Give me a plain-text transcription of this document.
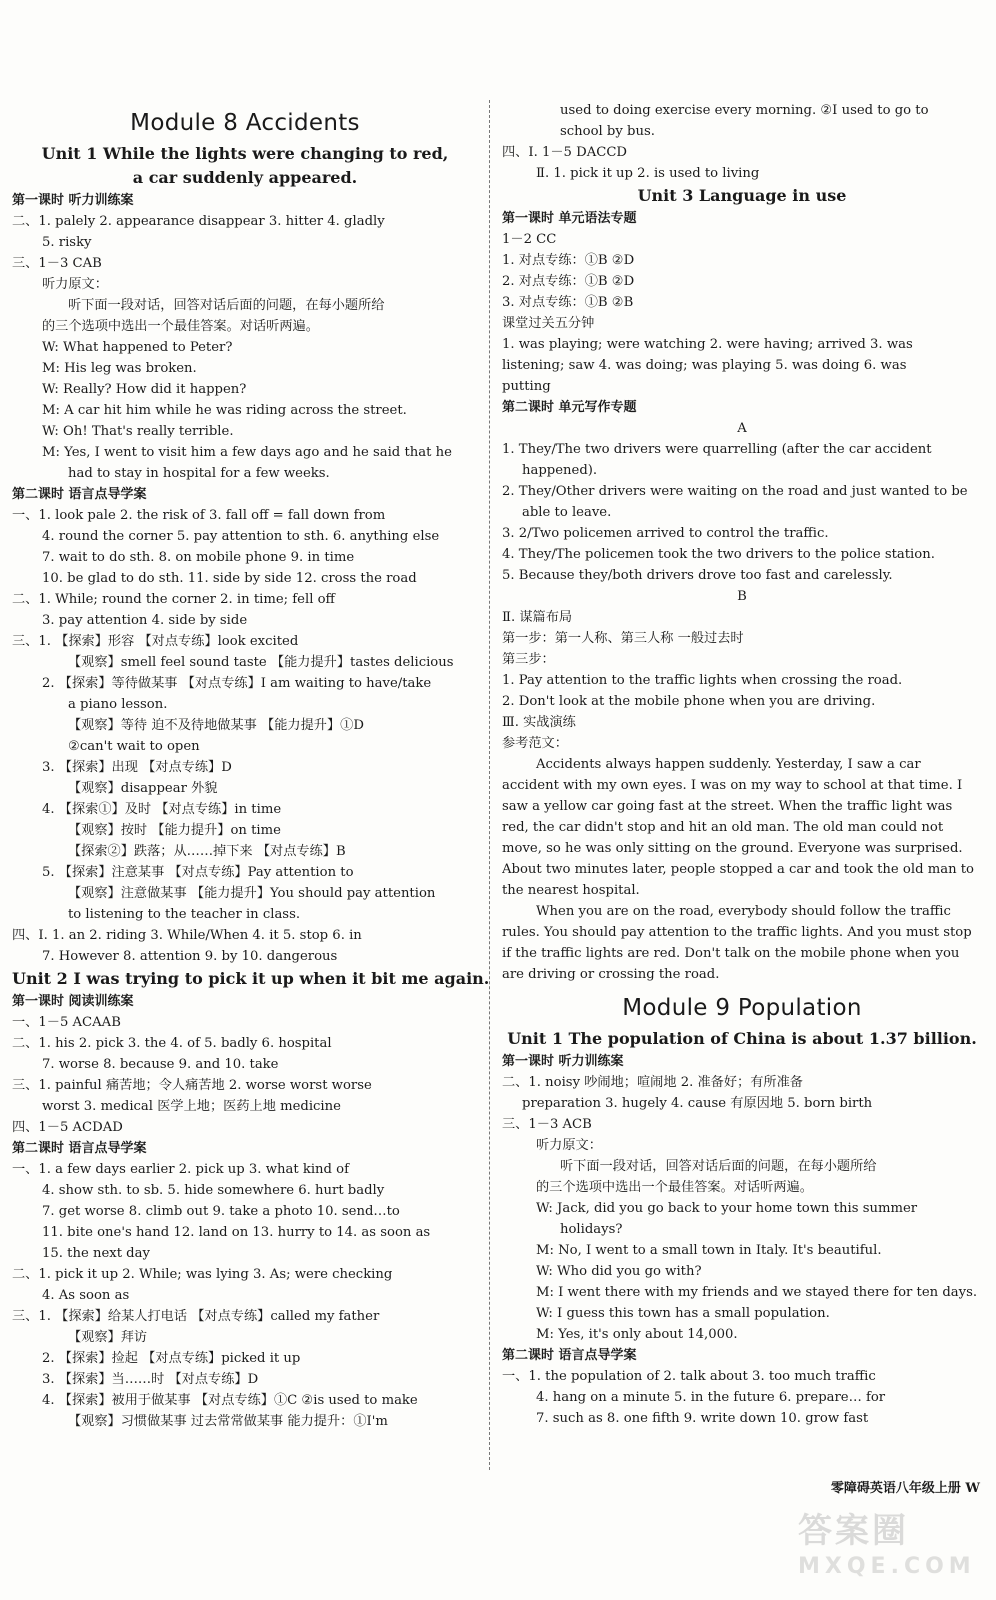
Module 8 Accidents
Unit 1 While the lights were changing to red,
a car suddenly appeared.
第一课时 听力训练案
二、1. palely 2. appearance disappear 3. hitter 4. gladly
5. risky
三、1－3 CAB
听力原文：
听下面一段对话，回答对话后面的问题，在每小题所给
的三个选项中选出一个最佳答案。对话听两遍。
W: What happened to Peter?
M: His leg was broken.
W: Really? How did it happen?
M: A car hit him while he was riding across the street.
W: Oh! That's really terrible.
M: Yes, I went to visit him a few days ago and he said that he
had to stay in hospital for a few weeks.
第二课时 语言点导学案
一、1. look pale 2. the risk of 3. fall off = fall down from
4. round the corner 5. pay attention to sth. 6. anything else
7. wait to do sth. 8. on mobile phone 9. in time
10. be glad to do sth. 11. side by side 12. cross the road
二、1. While; round the corner 2. in time; fell off
3. pay attention 4. side by side
三、1. 【探索】形容 【对点专练】look excited
【观察】smell feel sound taste 【能力提升】tastes delicious
2. 【探索】等待做某事 【对点专练】I am waiting to have/take
a piano lesson.
【观察】等待 迫不及待地做某事 【能力提升】①D
②can't wait to open
3. 【探索】出现 【对点专练】D
【观察】disappear 外貌
4. 【探索①】及时 【对点专练】in time
【观察】按时 【能力提升】on time
【探索②】跌落；从……掉下来 【对点专练】B
5. 【探索】注意某事 【对点专练】Pay attention to
【观察】注意做某事 【能力提升】You should pay attention
to listening to the teacher in class.
四、Ⅰ. 1. an 2. riding 3. While/When 4. it 5. stop 6. in
7. However 8. attention 9. by 10. dangerous
Unit 2 I was trying to pick it up when it bit me again.
第一课时 阅读训练案
一、1－5 ACAAB
二、1. his 2. pick 3. the 4. of 5. badly 6. hospital
7. worse 8. because 9. and 10. take
三、1. painful 痛苦地；令人痛苦地 2. worse worst worse
worst 3. medical 医学上地；医药上地 medicine
四、1－5 ACDAD
第二课时 语言点导学案
一、1. a few days earlier 2. pick up 3. what kind of
4. show sth. to sb. 5. hide somewhere 6. hurt badly
7. get worse 8. climb out 9. take a photo 10. send…to
11. bite one's hand 12. land on 13. hurry to 14. as soon as
15. the next day
二、1. pick it up 2. While; was lying 3. As; were checking
4. As soon as
三、1. 【探索】给某人打电话 【对点专练】called my father
【观察】拜访
2. 【探索】捡起 【对点专练】picked it up
3. 【探索】当……时 【对点专练】D
4. 【探索】被用于做某事 【对点专练】①C ②is used to make
【观察】习惯做某事 过去常常做某事 能力提升：①I'm
used to doing exercise every morning. ②I used to go to
school by bus.
四、Ⅰ. 1－5 DACCD
Ⅱ. 1. pick it up 2. is used to living
Unit 3 Language in use
第一课时 单元语法专题
1－2 CC
1. 对点专练：①B ②D
2. 对点专练：①B ②D
3. 对点专练：①B ②B
课堂过关五分钟
1. was playing; were watching 2. were having; arrived 3. was
listening; saw 4. was doing; was playing 5. was doing 6. was
putting
第二课时 单元写作专题
A
1. They/The two drivers were quarrelling (after the car accident
happened).
2. They/Other drivers were waiting on the road and just wanted to be
able to leave.
3. 2/Two policemen arrived to control the traffic.
4. They/The policemen took the two drivers to the police station.
5. Because they/both drivers drove too fast and carelessly.
B
Ⅱ. 谋篇布局
第一步：第一人称、第三人称 一般过去时
第三步：
1. Pay attention to the traffic lights when crossing the road.
2. Don't look at the mobile phone when you are driving.
Ⅲ. 实战演练
参考范文：
Accidents always happen suddenly. Yesterday, I saw a car
accident with my own eyes. I was on my way to school at that time. I
saw a yellow car going fast at the street. When the traffic light was
red, the car didn't stop and hit an old man. The old man could not
move, so he was only sitting on the ground. Everyone was surprised.
About two minutes later, people stopped a car and took the old man to
the nearest hospital.
When you are on the road, everybody should follow the traffic
rules. You should pay attention to the traffic lights. And you must stop
if the traffic lights are red. Don't talk on the mobile phone when you
are driving or crossing the road.
Module 9 Population
Unit 1 The population of China is about 1.37 billion.
第一课时 听力训练案
二、1. noisy 吵闹地；喧闹地 2. 准备好；有所准备
preparation 3. hugely 4. cause 有原因地 5. born birth
三、1－3 ACB
听力原文：
听下面一段对话，回答对话后面的问题，在每小题所给
的三个选项中选出一个最佳答案。对话听两遍。
W: Jack, did you go back to your home town this summer
holidays?
M: No, I went to a small town in Italy. It's beautiful.
W: Who did you go with?
M: I went there with my friends and we stayed there for ten days.
W: I guess this town has a small population.
M: Yes, it's only about 14,000.
第二课时 语言点导学案
一、1. the population of 2. talk about 3. too much traffic
4. hang on a minute 5. in the future 6. prepare… for
7. such as 8. one fifth 9. write down 10. grow fast
零障碍英语八年级上册 W
答案圈
MXQE.COM
